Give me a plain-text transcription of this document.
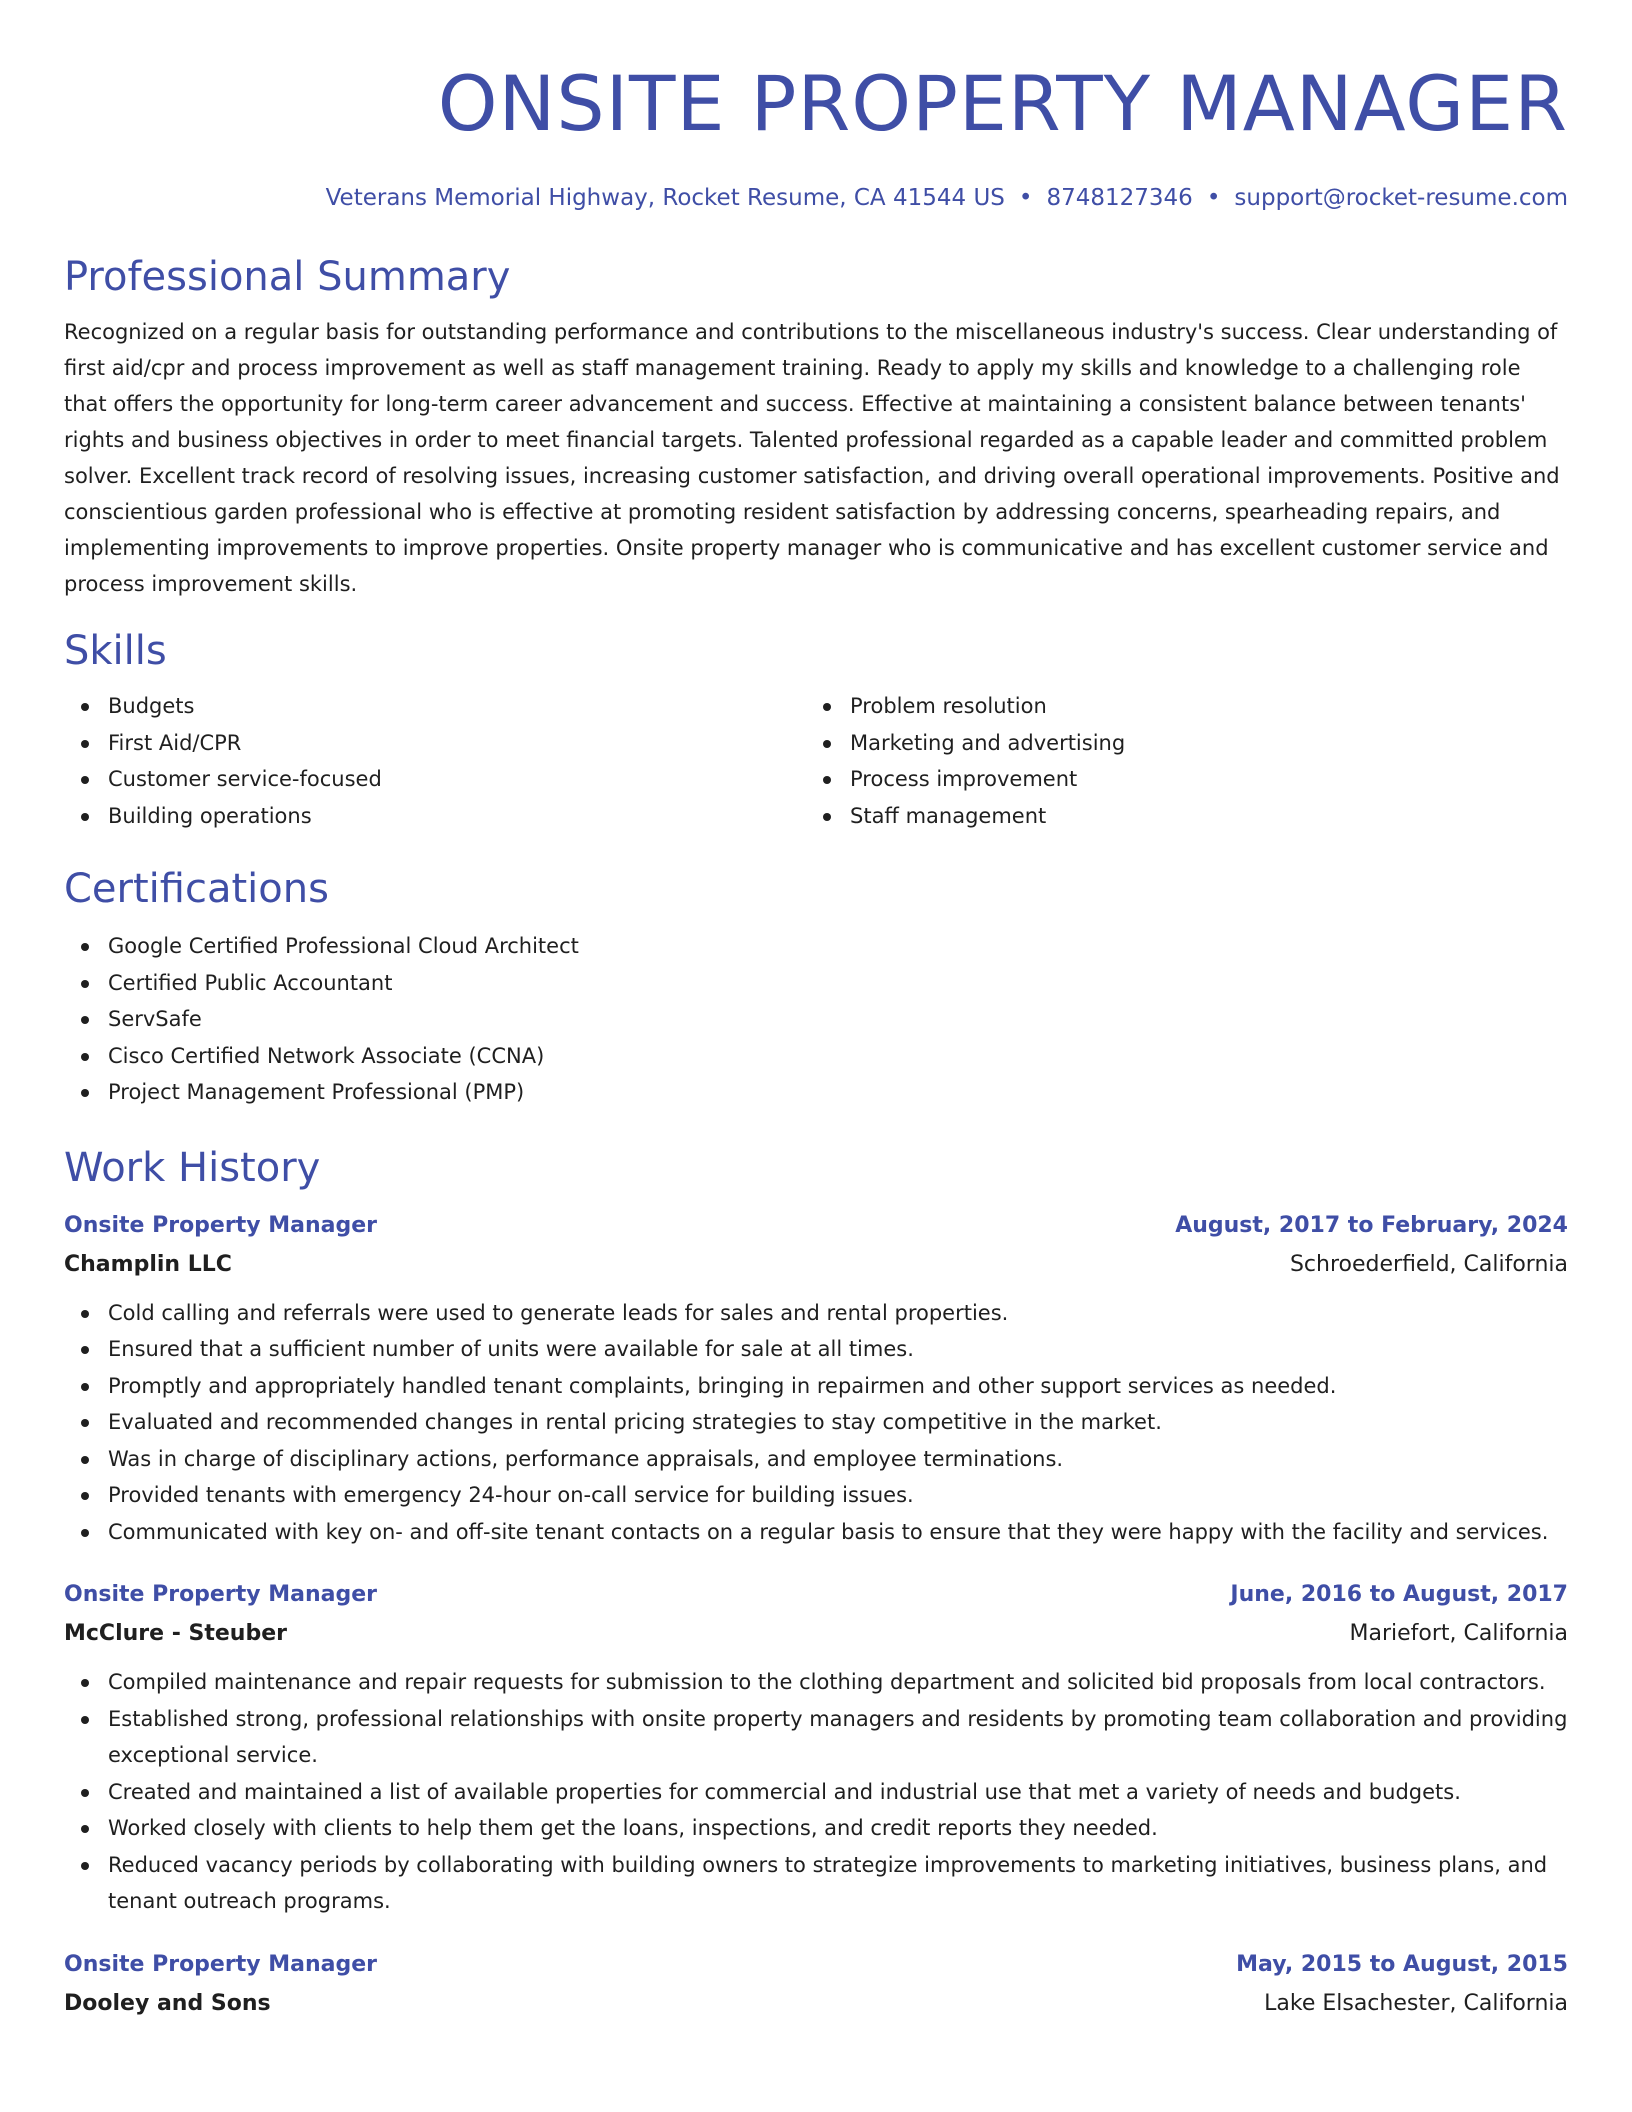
ONSITE PROPERTY MANAGER
Veterans Memorial Highway, Rocket Resume, CA 41544 US • 8748127346 • support@rocket-resume.com
Professional Summary
Recognized on a regular basis for outstanding performance and contributions to the miscellaneous industry's success. Clear understanding of first aid/cpr and process improvement as well as staff management training. Ready to apply my skills and knowledge to a challenging role that offers the opportunity for long-term career advancement and success. Effective at maintaining a consistent balance between tenants' rights and business objectives in order to meet financial targets. Talented professional regarded as a capable leader and committed problem solver. Excellent track record of resolving issues, increasing customer satisfaction, and driving overall operational improvements. Positive and conscientious garden professional who is effective at promoting resident satisfaction by addressing concerns, spearheading repairs, and implementing improvements to improve properties. Onsite property manager who is communicative and has excellent customer service and process improvement skills.
Skills
Budgets
First Aid/CPR
Customer service-focused
Building operations
Problem resolution
Marketing and advertising
Process improvement
Staff management
Certifications
Google Certified Professional Cloud Architect
Certified Public Accountant
ServSafe
Cisco Certified Network Associate (CCNA)
Project Management Professional (PMP)
Work History
Onsite Property Manager	August, 2017 to February, 2024
Champlin LLC	Schroederfield, California
Cold calling and referrals were used to generate leads for sales and rental properties.
Ensured that a sufficient number of units were available for sale at all times.
Promptly and appropriately handled tenant complaints, bringing in repairmen and other support services as needed.
Evaluated and recommended changes in rental pricing strategies to stay competitive in the market.
Was in charge of disciplinary actions, performance appraisals, and employee terminations.
Provided tenants with emergency 24-hour on-call service for building issues.
Communicated with key on- and off-site tenant contacts on a regular basis to ensure that they were happy with the facility and services.
Onsite Property Manager	June, 2016 to August, 2017
McClure - Steuber	Mariefort, California
Compiled maintenance and repair requests for submission to the clothing department and solicited bid proposals from local contractors.
Established strong, professional relationships with onsite property managers and residents by promoting team collaboration and providing exceptional service.
Created and maintained a list of available properties for commercial and industrial use that met a variety of needs and budgets.
Worked closely with clients to help them get the loans, inspections, and credit reports they needed.
Reduced vacancy periods by collaborating with building owners to strategize improvements to marketing initiatives, business plans, and tenant outreach programs.
Onsite Property Manager	May, 2015 to August, 2015
Dooley and Sons	Lake Elsachester, California
